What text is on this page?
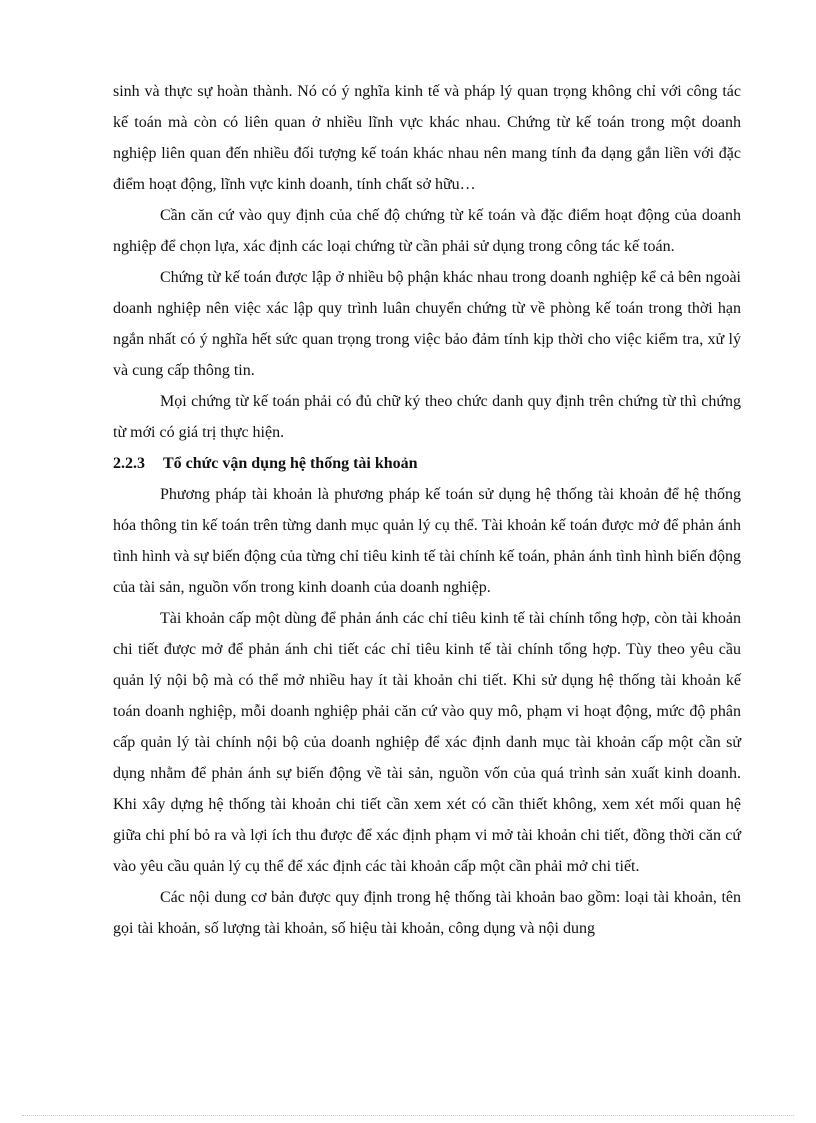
sinh và thực sự hoàn thành. Nó có ý nghĩa kinh tế và pháp lý quan trọng không chỉ với công tác kế toán mà còn có liên quan ở nhiều lĩnh vực khác nhau. Chứng từ kế toán trong một doanh nghiệp liên quan đến nhiều đối tượng kế toán khác nhau nên mang tính đa dạng gắn liền với đặc điểm hoạt động, lĩnh vực kinh doanh, tính chất sở hữu…

Cần căn cứ vào quy định của chế độ chứng từ kế toán và đặc điểm hoạt động của doanh nghiệp để chọn lựa, xác định các loại chứng từ cần phải sử dụng trong công tác kế toán.

Chứng từ kế toán được lập ở nhiều bộ phận khác nhau trong doanh nghiệp kể cả bên ngoài doanh nghiệp nên việc xác lập quy trình luân chuyển chứng từ về phòng kế toán trong thời hạn ngắn nhất có ý nghĩa hết sức quan trọng trong việc bảo đảm tính kịp thời cho việc kiểm tra, xử lý và cung cấp thông tin.

Mọi chứng từ kế toán phải có đủ chữ ký theo chức danh quy định trên chứng từ thì chứng từ mới có giá trị thực hiện.

2.2.3 Tổ chức vận dụng hệ thống tài khoản

Phương pháp tài khoản là phương pháp kế toán sử dụng hệ thống tài khoản để hệ thống hóa thông tin kế toán trên từng danh mục quản lý cụ thể. Tài khoản kế toán được mở để phản ánh tình hình và sự biến động của từng chỉ tiêu kinh tế tài chính kế toán, phản ánh tình hình biến động của tài sản, nguồn vốn trong kinh doanh của doanh nghiệp.

Tài khoản cấp một dùng để phản ánh các chỉ tiêu kinh tế tài chính tổng hợp, còn tài khoản chi tiết được mở để phản ánh chi tiết các chỉ tiêu kinh tế tài chính tổng hợp. Tùy theo yêu cầu quản lý nội bộ mà có thể mở nhiều hay ít tài khoản chi tiết. Khi sử dụng hệ thống tài khoản kế toán doanh nghiệp, mỗi doanh nghiệp phải căn cứ vào quy mô, phạm vi hoạt động, mức độ phân cấp quản lý tài chính nội bộ của doanh nghiệp để xác định danh mục tài khoản cấp một cần sử dụng nhằm để phản ánh sự biến động về tài sản, nguồn vốn của quá trình sản xuất kinh doanh. Khi xây dựng hệ thống tài khoản chi tiết cần xem xét có cần thiết không, xem xét mối quan hệ giữa chi phí bỏ ra và lợi ích thu được để xác định phạm vi mở tài khoản chi tiết, đồng thời căn cứ vào yêu cầu quản lý cụ thể để xác định các tài khoản cấp một cần phải mở chi tiết.

Các nội dung cơ bản được quy định trong hệ thống tài khoản bao gồm: loại tài khoản, tên gọi tài khoản, số lượng tài khoản, số hiệu tài khoản, công dụng và nội dung
